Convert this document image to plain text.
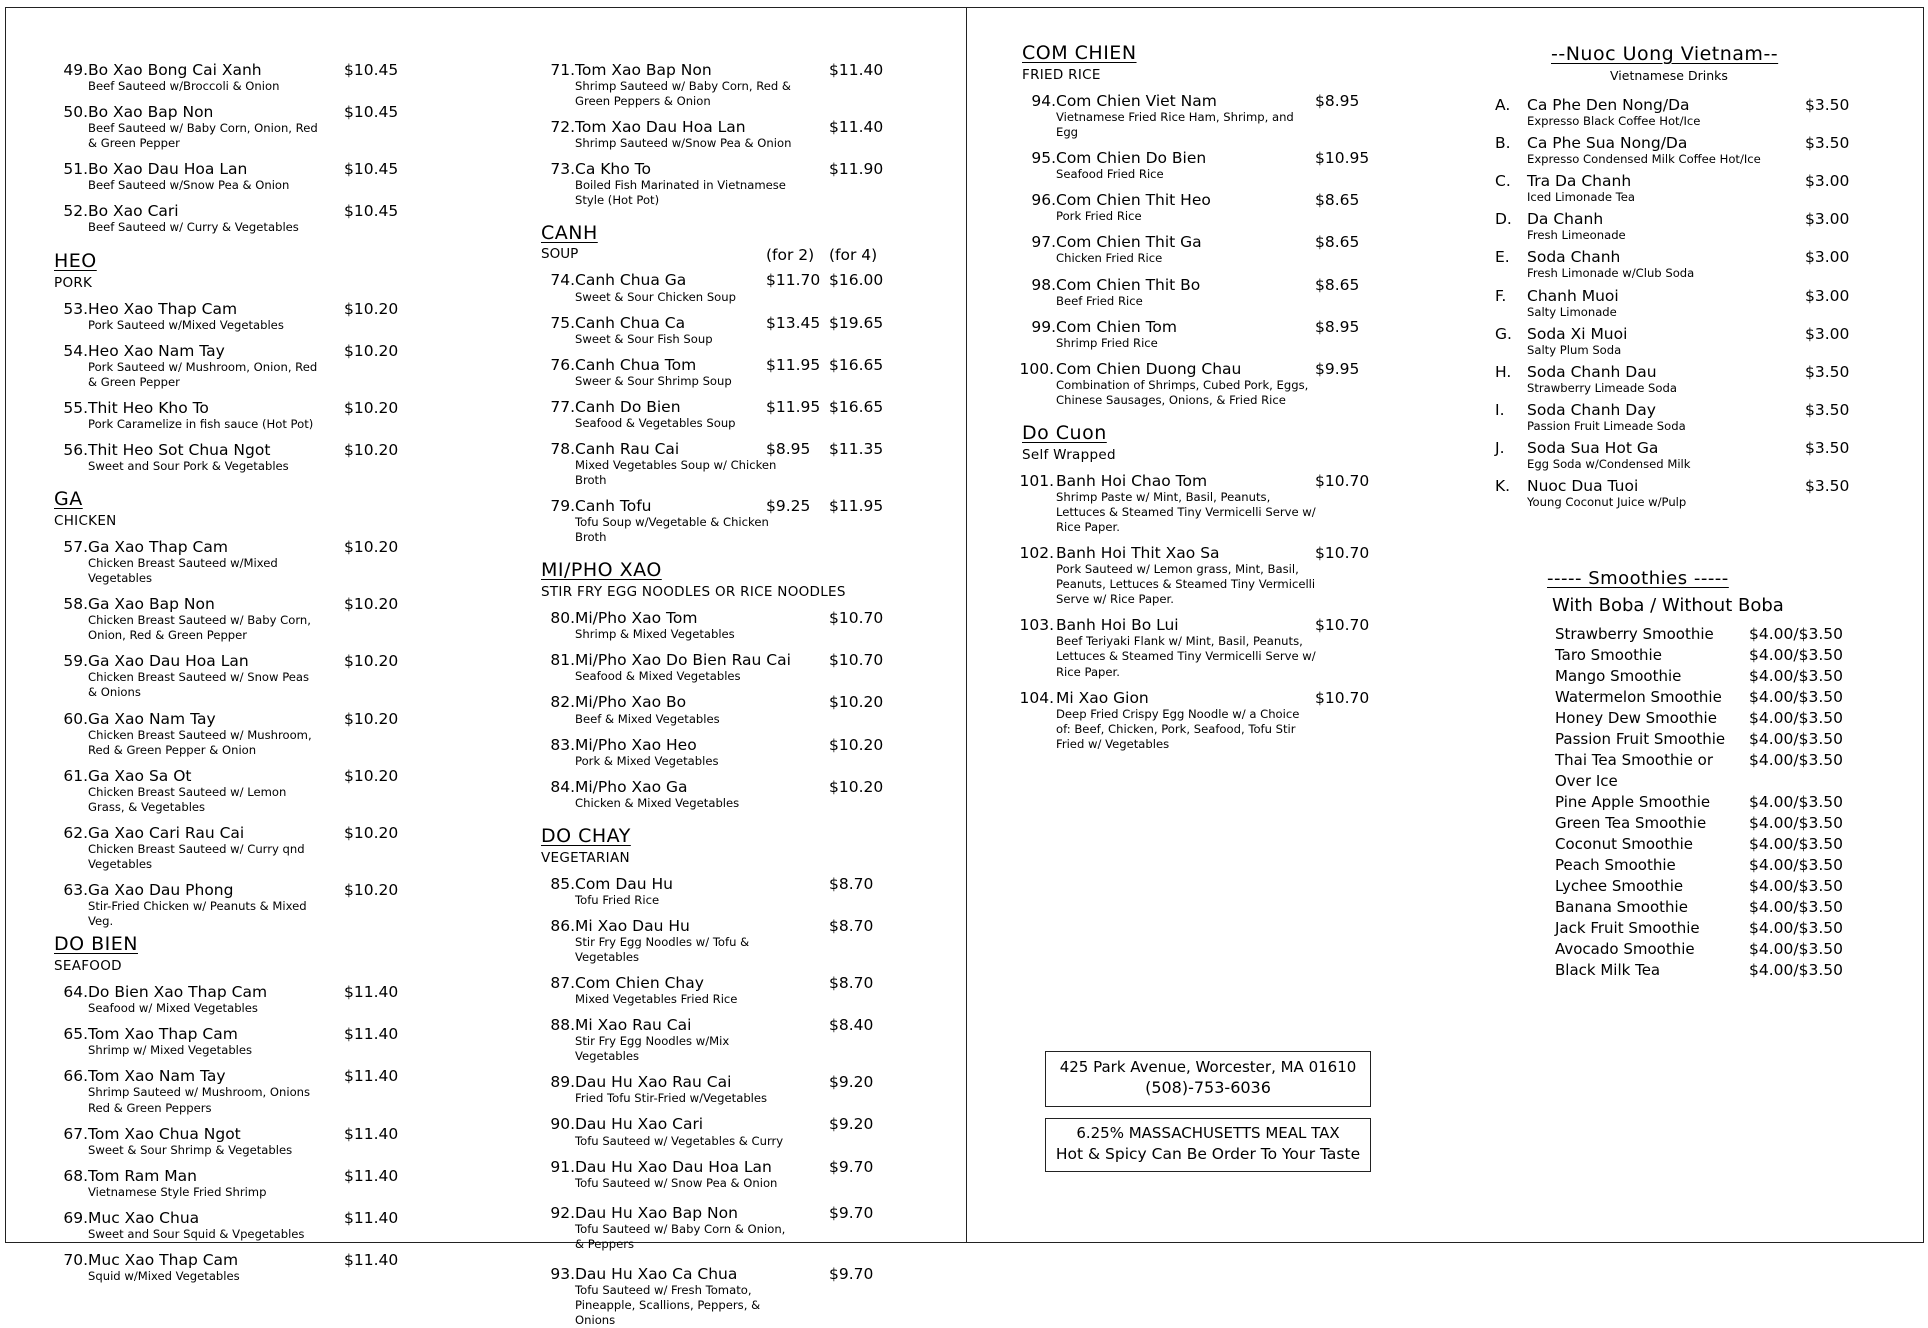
49. Bo Xao Bong Cai Xanh
Beef Sauteed w/Broccoli & Onion
$10.45
50. Bo Xao Bap Non
Beef Sauteed w/ Baby Corn, Onion, Red & Green Pepper
$10.45
51. Bo Xao Dau Hoa Lan
Beef Sauteed w/Snow Pea & Onion
$10.45
52. Bo Xao Cari
Beef Sauteed w/ Curry & Vegetables
$10.45
HEO
PORK
53. Heo Xao Thap Cam
Pork Sauteed w/Mixed Vegetables
$10.20
54. Heo Xao Nam Tay
Pork Sauteed w/ Mushroom, Onion, Red & Green Pepper
$10.20
55. Thit Heo Kho To
Pork Caramelize in fish sauce (Hot Pot)
$10.20
56. Thit Heo Sot Chua Ngot
Sweet and Sour Pork & Vegetables
$10.20
GA
CHICKEN
57. Ga Xao Thap Cam
Chicken Breast Sauteed w/Mixed Vegetables
$10.20
58. Ga Xao Bap Non
Chicken Breast Sauteed w/ Baby Corn, Onion, Red & Green Pepper
$10.20
59. Ga Xao Dau Hoa Lan
Chicken Breast Sauteed w/ Snow Peas & Onions
$10.20
60. Ga Xao Nam Tay
Chicken Breast Sauteed w/ Mushroom, Red & Green Pepper & Onion
$10.20
61. Ga Xao Sa Ot
Chicken Breast Sauteed w/ Lemon Grass, & Vegetables
$10.20
62. Ga Xao Cari Rau Cai
Chicken Breast Sauteed w/ Curry qnd Vegetables
$10.20
63. Ga Xao Dau Phong
Stir-Fried Chicken w/ Peanuts & Mixed Veg.
$10.20
DO BIEN
SEAFOOD
64. Do Bien Xao Thap Cam
Seafood w/ Mixed Vegetables
$11.40
65. Tom Xao Thap Cam
Shrimp w/ Mixed Vegetables
$11.40
66. Tom Xao Nam Tay
Shrimp Sauteed w/ Mushroom, Onions Red & Green Peppers
$11.40
67. Tom Xao Chua Ngot
Sweet & Sour Shrimp & Vegetables
$11.40
68. Tom Ram Man
Vietnamese Style Fried Shrimp
$11.40
69. Muc Xao Chua
Sweet and Sour Squid & Vpegetables
$11.40
70. Muc Xao Thap Cam
Squid w/Mixed Vegetables
$11.40
71. Tom Xao Bap Non
Shrimp Sauteed w/ Baby Corn, Red & Green Peppers & Onion
$11.40
72. Tom Xao Dau Hoa Lan
Shrimp Sauteed w/Snow Pea & Onion
$11.40
73. Ca Kho To
Boiled Fish Marinated in Vietnamese Style (Hot Pot)
$11.90
CANH
SOUP	(for 2) (for 4)
74. Canh Chua Ga
Sweet & Sour Chicken Soup
$11.70 $16.00
75. Canh Chua Ca
Sweet & Sour Fish Soup
$13.45 $19.65
76. Canh Chua Tom
Sweer & Sour Shrimp Soup
$11.95 $16.65
77. Canh Do Bien
Seafood & Vegetables Soup
$11.95 $16.65
78. Canh Rau Cai
Mixed Vegetables Soup w/ Chicken Broth
$8.95 $11.35
79. Canh Tofu
Tofu Soup w/Vegetable & Chicken Broth
$9.25 $11.95
MI/PHO XAO
STIR FRY EGG NOODLES OR RICE NOODLES
80. Mi/Pho Xao Tom
Shrimp & Mixed Vegetables
$10.70
81. Mi/Pho Xao Do Bien Rau Cai
Seafood & Mixed Vegetables
$10.70
82. Mi/Pho Xao Bo
Beef & Mixed Vegetables
$10.20
83. Mi/Pho Xao Heo
Pork & Mixed Vegetables
$10.20
84. Mi/Pho Xao Ga
Chicken & Mixed Vegetables
$10.20
DO CHAY
VEGETARIAN
85. Com Dau Hu
Tofu Fried Rice
$8.70
86. Mi Xao Dau Hu
Stir Fry Egg Noodles w/ Tofu & Vegetables
$8.70
87. Com Chien Chay
Mixed Vegetables Fried Rice
$8.70
88. Mi Xao Rau Cai
Stir Fry Egg Noodles w/Mix Vegetables
$8.40
89. Dau Hu Xao Rau Cai
Fried Tofu Stir-Fried w/Vegetables
$9.20
90. Dau Hu Xao Cari
Tofu Sauteed w/ Vegetables & Curry
$9.20
91. Dau Hu Xao Dau Hoa Lan
Tofu Sauteed w/ Snow Pea & Onion
$9.70
92. Dau Hu Xao Bap Non
Tofu Sauteed w/ Baby Corn & Onion, & Peppers
$9.70
93. Dau Hu Xao Ca Chua
Tofu Sauteed w/ Fresh Tomato, Pineapple, Scallions, Peppers, & Onions
$9.70
COM CHIEN
FRIED RICE
94. Com Chien Viet Nam
Vietnamese Fried Rice Ham, Shrimp, and Egg
$8.95
95. Com Chien Do Bien
Seafood Fried Rice
$10.95
96. Com Chien Thit Heo
Pork Fried Rice
$8.65
97. Com Chien Thit Ga
Chicken Fried Rice
$8.65
98. Com Chien Thit Bo
Beef Fried Rice
$8.65
99. Com Chien Tom
Shrimp Fried Rice
$8.95
100. Com Chien Duong Chau
Combination of Shrimps, Cubed Pork, Eggs, Chinese Sausages, Onions, & Fried Rice
$9.95
Do Cuon
Self Wrapped
101. Banh Hoi Chao Tom
Shrimp Paste w/ Mint, Basil, Peanuts, Lettuces & Steamed Tiny Vermicelli Serve w/ Rice Paper.
$10.70
102. Banh Hoi Thit Xao Sa
Pork Sauteed w/ Lemon grass, Mint, Basil, Peanuts, Lettuces & Steamed Tiny Vermicelli Serve w/ Rice Paper.
$10.70
103. Banh Hoi Bo Lui
Beef Teriyaki Flank w/ Mint, Basil, Peanuts, Lettuces & Steamed Tiny Vermicelli Serve w/ Rice Paper.
$10.70
104. Mi Xao Gion
Deep Fried Crispy Egg Noodle w/ a Choice of: Beef, Chicken, Pork, Seafood, Tofu Stir Fried w/ Vegetables
$10.70
425 Park Avenue, Worcester, MA 01610
(508)-753-6036
6.25% MASSACHUSETTS MEAL TAX
Hot & Spicy Can Be Order To Your Taste
--Nuoc Uong Vietnam--
Vietnamese Drinks
A. Ca Phe Den Nong/Da
Expresso Black Coffee Hot/Ice
$3.50
B. Ca Phe Sua Nong/Da
Expresso Condensed Milk Coffee Hot/Ice
$3.50
C. Tra Da Chanh
Iced Limonade Tea
$3.00
D. Da Chanh
Fresh Limeonade
$3.00
E. Soda Chanh
Fresh Limonade w/Club Soda
$3.00
F. Chanh Muoi
Salty Limonade
$3.00
G. Soda Xi Muoi
Salty Plum Soda
$3.00
H. Soda Chanh Dau
Strawberry Limeade Soda
$3.50
I. Soda Chanh Day
Passion Fruit Limeade Soda
$3.50
J. Soda Sua Hot Ga
Egg Soda w/Condensed Milk
$3.50
K. Nuoc Dua Tuoi
Young Coconut Juice w/Pulp
$3.50
----- Smoothies -----
With Boba / Without Boba
Strawberry Smoothie $4.00/$3.50
Taro Smoothie	$4.00/$3.50
Mango Smoothie	$4.00/$3.50
Watermelon Smoothie $4.00/$3.50
Honey Dew Smoothie $4.00/$3.50
Passion Fruit Smoothie $4.00/$3.50
Thai Tea Smoothie or $4.00/$3.50
Over Ice
Pine Apple Smoothie	$4.00/$3.50
Green Tea Smoothie	$4.00/$3.50
Coconut Smoothie	$4.00/$3.50
Peach Smoothie	$4.00/$3.50
Lychee Smoothie	$4.00/$3.50
Banana Smoothie	$4.00/$3.50
Jack Fruit Smoothie	$4.00/$3.50
Avocado Smoothie	$4.00/$3.50
Black Milk Tea	$4.00/$3.50
